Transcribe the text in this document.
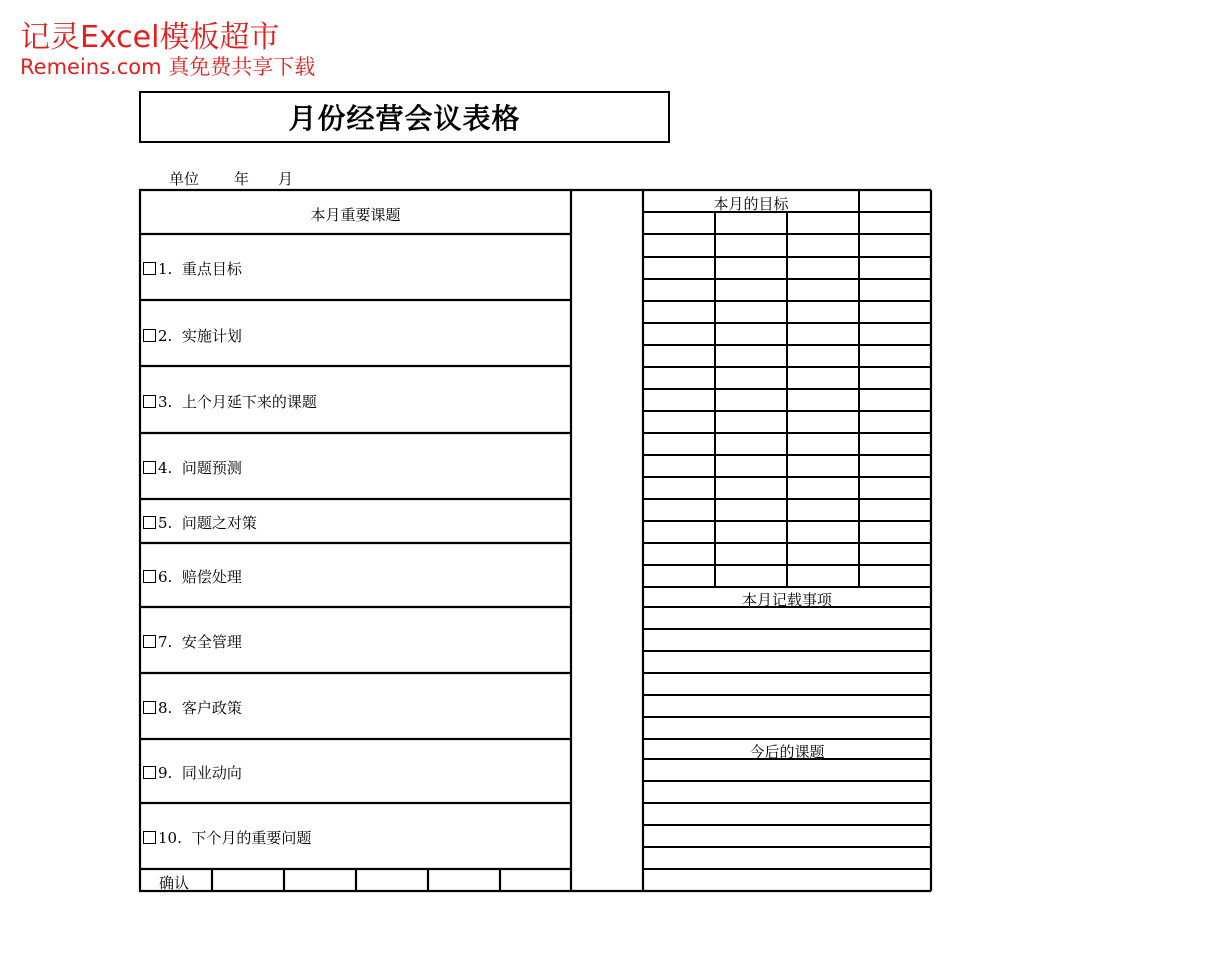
记灵Excel模板超市
Remeins.com 真免费共享下载
月份经营会议表格
单位 年 月
本月重要课题
1.
重点目标
2.
实施计划
3.
上个月延下来的课题
4.
问题预测
5.
问题之对策
6.
赔偿处理
7.
安全管理
8.
客户政策
9.
同业动向
10.
下个月的重要问题
确认
本月的目标
本月记载事项
今后的课题
